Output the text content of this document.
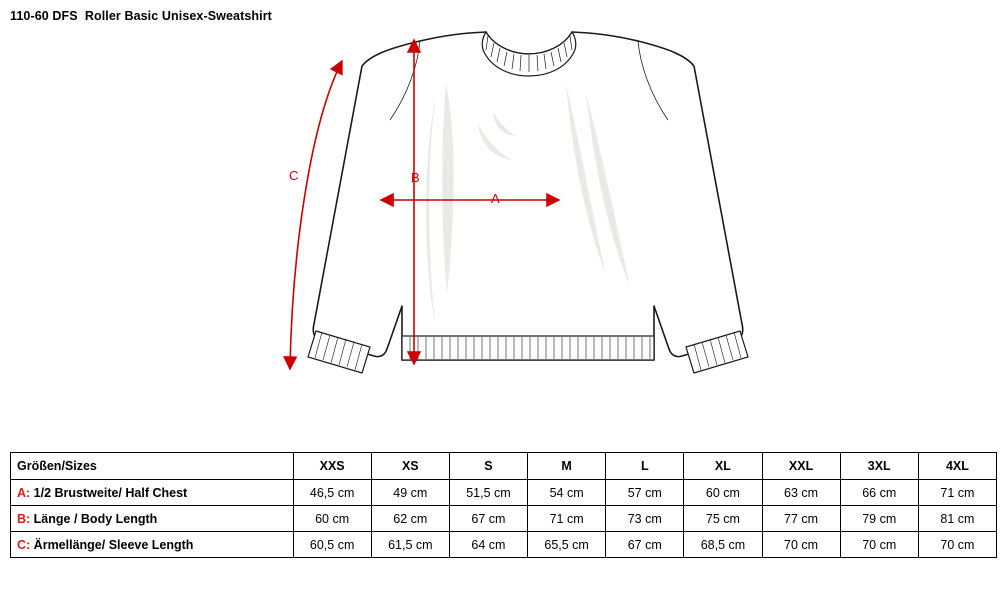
110-60 DFS  Roller Basic Unisex-Sweatshirt
A
B
C
Größen/Sizes	XXS	XS	S	M	L	XL	XXL	3XL	4XL
A: 1/2 Brustweite/ Half Chest	46,5 cm	49 cm	51,5 cm	54 cm	57 cm	60 cm	63 cm	66 cm	71 cm
B: Länge / Body Length	60 cm	62 cm	67 cm	71 cm	73 cm	75 cm	77 cm	79 cm	81 cm
C: Ärmellänge/ Sleeve Length	60,5 cm	61,5 cm	64 cm	65,5 cm	67 cm	68,5 cm	70 cm	70 cm	70 cm
